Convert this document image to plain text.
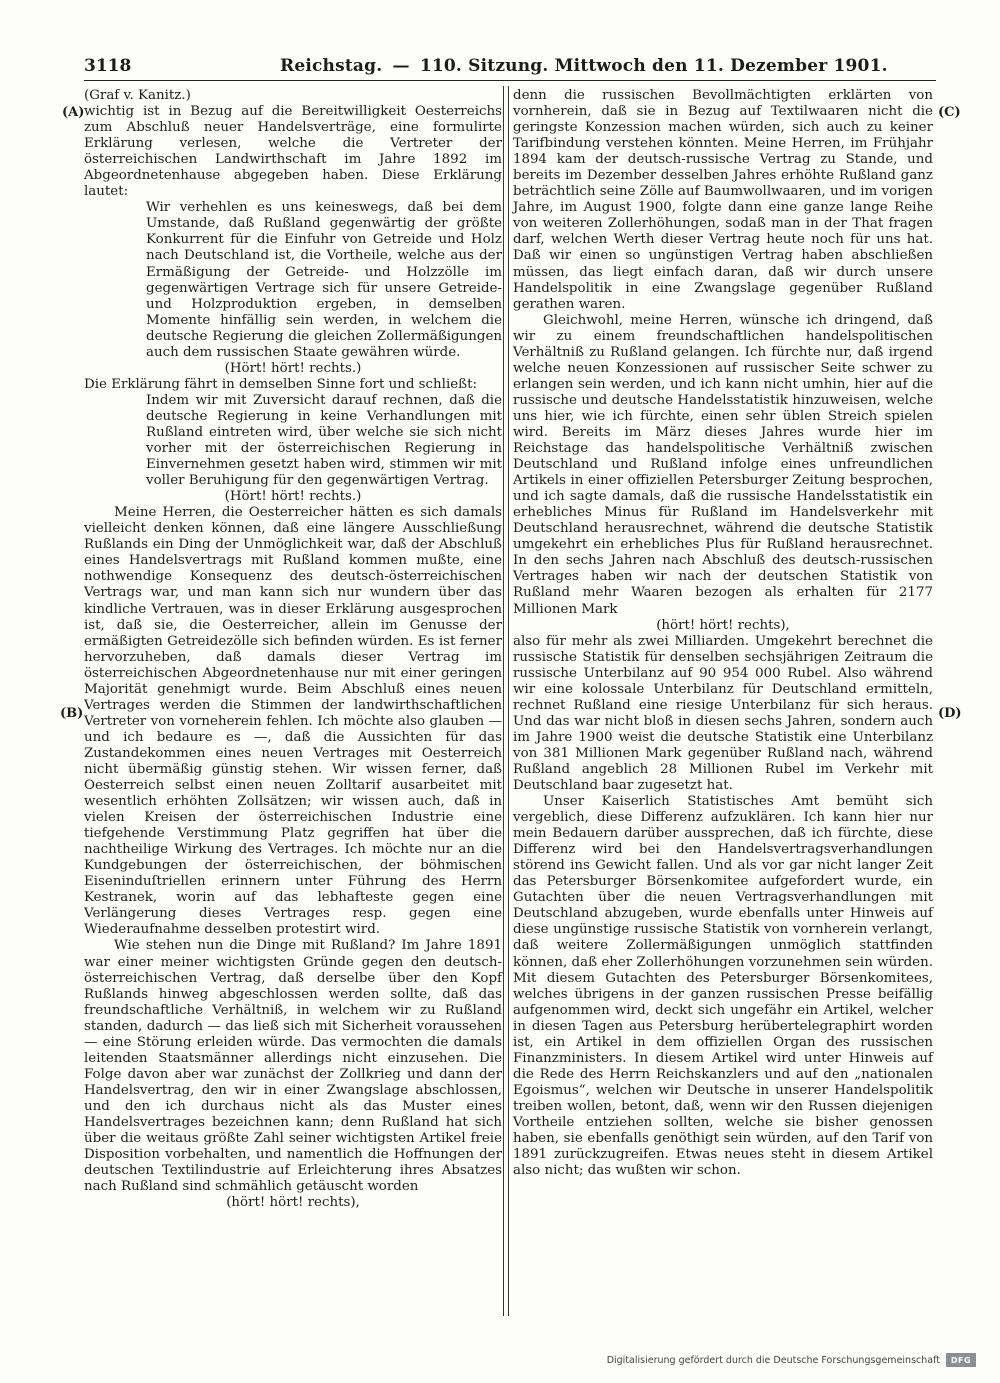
3118	Reichstag. — 110. Sitzung. Mittwoch den 11. Dezember 1901.
(A)
(B)
(C)
(D)

(Graf v. Kanitz.)

wichtig ist in Bezug auf die Bereitwilligkeit Oesterreichs zum Abschluß neuer Handelsverträge, eine formulirte Erklärung verlesen, welche die Vertreter der österreichischen Landwirthschaft im Jahre 1892 im Abgeordnetenhause abgegeben haben. Diese Erklärung lautet:

Wir verhehlen es uns keineswegs, daß bei dem Umstande, daß Rußland gegenwärtig der größte Konkurrent für die Einfuhr von Getreide und Holz nach Deutschland ist, die Vortheile, welche aus der Ermäßigung der Getreide- und Holzzölle im gegenwärtigen Vertrage sich für unsere Getreide- und Holzproduktion ergeben, in demselben Momente hinfällig sein werden, in welchem die deutsche Regierung die gleichen Zollermäßigungen auch dem russischen Staate gewähren würde.

(Hört! hört! rechts.)

Die Erklärung fährt in demselben Sinne fort und schließt:

Indem wir mit Zuversicht darauf rechnen, daß die deutsche Regierung in keine Verhandlungen mit Rußland eintreten wird, über welche sie sich nicht vorher mit der österreichischen Regierung in Einvernehmen gesetzt haben wird, stimmen wir mit voller Beruhigung für den gegenwärtigen Vertrag.

(Hört! hört! rechts.)

Meine Herren, die Oesterreicher hätten es sich damals vielleicht denken können, daß eine längere Ausschließung Rußlands ein Ding der Unmöglichkeit war, daß der Abschluß eines Handelsvertrags mit Rußland kommen mußte, eine nothwendige Konsequenz des deutsch-österreichischen Vertrags war, und man kann sich nur wundern über das kindliche Vertrauen, was in dieser Erklärung ausgesprochen ist, daß sie, die Oesterreicher, allein im Genusse der ermäßigten Getreidezölle sich befinden würden. Es ist ferner hervorzuheben, daß damals dieser Vertrag im österreichischen Abgeordnetenhause nur mit einer geringen Majorität genehmigt wurde. Beim Abschluß eines neuen Vertrages werden die Stimmen der landwirthschaftlichen Vertreter von vorneherein fehlen. Ich möchte also glauben — und ich bedaure es —, daß die Aussichten für das Zustandekommen eines neuen Vertrages mit Oesterreich nicht übermäßig günstig stehen. Wir wissen ferner, daß Oesterreich selbst einen neuen Zolltarif ausarbeitet mit wesentlich erhöhten Zollsätzen; wir wissen auch, daß in vielen Kreisen der österreichischen Industrie eine tiefgehende Verstimmung Platz gegriffen hat über die nachtheilige Wirkung des Vertrages. Ich möchte nur an die Kundgebungen der österreichischen, der böhmischen Eiseninduſtriellen erinnern unter Führung des Herrn Kestranek, worin auf das lebhafteste gegen eine Verlängerung dieses Vertrages resp. gegen eine Wiederaufnahme desselben protestirt wird.

Wie stehen nun die Dinge mit Rußland? Im Jahre 1891 war einer meiner wichtigsten Gründe gegen den deutsch-österreichischen Vertrag, daß derselbe über den Kopf Rußlands hinweg abgeschlossen werden sollte, daß das freundschaftliche Verhältniß, in welchem wir zu Rußland standen, dadurch — das ließ sich mit Sicherheit voraussehen — eine Störung erleiden würde. Das vermochten die damals leitenden Staatsmänner allerdings nicht einzusehen. Die Folge davon aber war zunächst der Zollkrieg und dann der Handelsvertrag, den wir in einer Zwangslage abschlossen, und den ich durchaus nicht als das Muster eines Handelsvertrages bezeichnen kann; denn Rußland hat sich über die weitaus größte Zahl seiner wichtigsten Artikel freie Disposition vorbehalten, und namentlich die Hoffnungen der deutschen Textilindustrie auf Erleichterung ihres Absatzes nach Rußland sind schmählich getäuscht worden

(hört! hört! rechts),

denn die russischen Bevollmächtigten erklärten von vornherein, daß sie in Bezug auf Textilwaaren nicht die geringste Konzession machen würden, sich auch zu keiner Tarifbindung verstehen könnten. Meine Herren, im Frühjahr 1894 kam der deutsch-russische Vertrag zu Stande, und bereits im Dezember desselben Jahres erhöhte Rußland ganz beträchtlich seine Zölle auf Baumwollwaaren, und im vorigen Jahre, im August 1900, folgte dann eine ganze lange Reihe von weiteren Zollerhöhungen, sodaß man in der That fragen darf, welchen Werth dieser Vertrag heute noch für uns hat. Daß wir einen so ungünstigen Vertrag haben abschließen müssen, das liegt einfach daran, daß wir durch unsere Handelspolitik in eine Zwangslage gegenüber Rußland gerathen waren.

Gleichwohl, meine Herren, wünsche ich dringend, daß wir zu einem freundschaftlichen handelspolitischen Verhältniß zu Rußland gelangen. Ich fürchte nur, daß irgend welche neuen Konzessionen auf russischer Seite schwer zu erlangen sein werden, und ich kann nicht umhin, hier auf die russische und deutsche Handelsstatistik hinzuweisen, welche uns hier, wie ich fürchte, einen sehr üblen Streich spielen wird. Bereits im März dieses Jahres wurde hier im Reichstage das handelspolitische Verhältniß zwischen Deutschland und Rußland infolge eines unfreundlichen Artikels in einer offiziellen Petersburger Zeitung besprochen, und ich sagte damals, daß die russische Handelsstatistik ein erhebliches Minus für Rußland im Handelsverkehr mit Deutschland herausrechnet, während die deutsche Statistik umgekehrt ein erhebliches Plus für Rußland herausrechnet. In den sechs Jahren nach Abschluß des deutsch-russischen Vertrages haben wir nach der deutschen Statistik von Rußland mehr Waaren bezogen als erhalten für 2177 Millionen Mark

(hört! hört! rechts),

also für mehr als zwei Milliarden. Umgekehrt berechnet die russische Statistik für denselben sechsjährigen Zeitraum die russische Unterbilanz auf 90 954 000 Rubel. Also während wir eine kolossale Unterbilanz für Deutschland ermitteln, rechnet Rußland eine riesige Unterbilanz für sich heraus. Und das war nicht bloß in diesen sechs Jahren, sondern auch im Jahre 1900 weist die deutsche Statistik eine Unterbilanz von 381 Millionen Mark gegenüber Rußland nach, während Rußland angeblich 28 Millionen Rubel im Verkehr mit Deutschland baar zugesetzt hat.

Unser Kaiserlich Statistisches Amt bemüht sich vergeblich, diese Differenz aufzuklären. Ich kann hier nur mein Bedauern darüber aussprechen, daß ich fürchte, diese Differenz wird bei den Handelsvertragsverhandlungen störend ins Gewicht fallen. Und als vor gar nicht langer Zeit das Petersburger Börsenkomitee aufgefordert wurde, ein Gutachten über die neuen Vertragsverhandlungen mit Deutschland abzugeben, wurde ebenfalls unter Hinweis auf diese ungünstige russische Statistik von vornherein verlangt, daß weitere Zollermäßigungen unmöglich stattfinden können, daß eher Zollerhöhungen vorzunehmen sein würden. Mit diesem Gutachten des Petersburger Börsenkomitees, welches übrigens in der ganzen russischen Presse beifällig aufgenommen wird, deckt sich ungefähr ein Artikel, welcher in diesen Tagen aus Petersburg herübertelegraphirt worden ist, ein Artikel in dem offiziellen Organ des russischen Finanzministers. In diesem Artikel wird unter Hinweis auf die Rede des Herrn Reichskanzlers und auf den „nationalen Egoismus“, welchen wir Deutsche in unserer Handelspolitik treiben wollen, betont, daß, wenn wir den Russen diejenigen Vortheile entziehen sollten, welche sie bisher genossen haben, sie ebenfalls genöthigt sein würden, auf den Tarif von 1891 zurückzugreifen. Etwas neues steht in diesem Artikel also nicht; das wußten wir schon.

Digitalisierung gefördert durch die Deutsche Forschungsgemeinschaft	DFG
